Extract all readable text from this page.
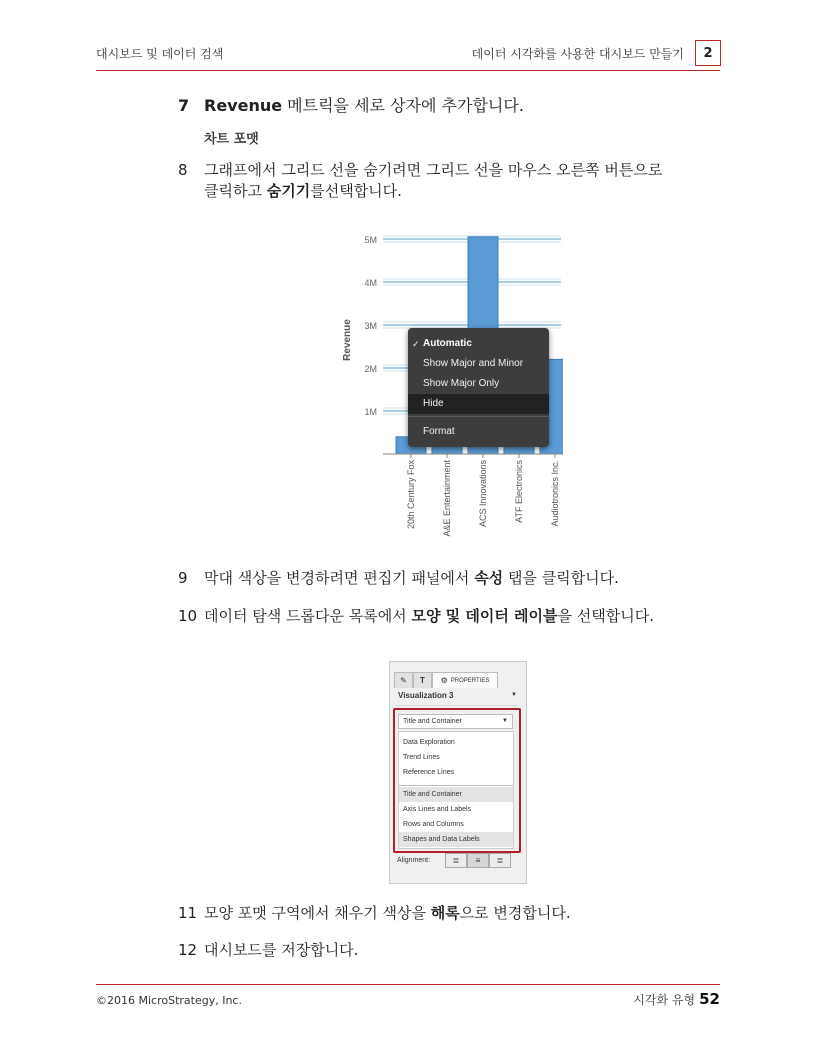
대시보드 및 데이터 검색	데이터 시각화를 사용한 대시보드 만들기	2
7 Revenue 메트릭을 세로 상자에 추가합니다.
차트 포맷
8 그래프에서 그리드 선을 숨기려면 그리드 선을 마우스 오른쪽 버튼으로
클릭하고 숨기기를선택합니다.
1M
2M
3M
4M
5M
20th Century Fox	A&E Entertainment	ACS Innovations	ATF Electronics	Audiotronics Inc.
Revenue	✓ Automatic
Show Major and Minor
Show Major Only
Hide
Format
9 막대 색상을 변경하려면 편집기 패널에서 속성 탭을 클릭합니다.
10 데이터 탐색 드롭다운 목록에서 모양 및 데이터 레이블을 선택합니다.
✎ T ⚙ PROPERTIES
Visualization 3	▼
Title and Container	▼
Data Exploration
Trend Lines
Reference Lines
Title and Container
Axis Lines and Labels
Rows and Columns
Shapes and Data Labels
Alignment:	≣ ≡ ≣
11 모양 포맷 구역에서 채우기 색상을 해록으로 변경합니다.
12 대시보드를 저장합니다.
©2016 MicroStrategy, Inc.	시각화 유형 52
